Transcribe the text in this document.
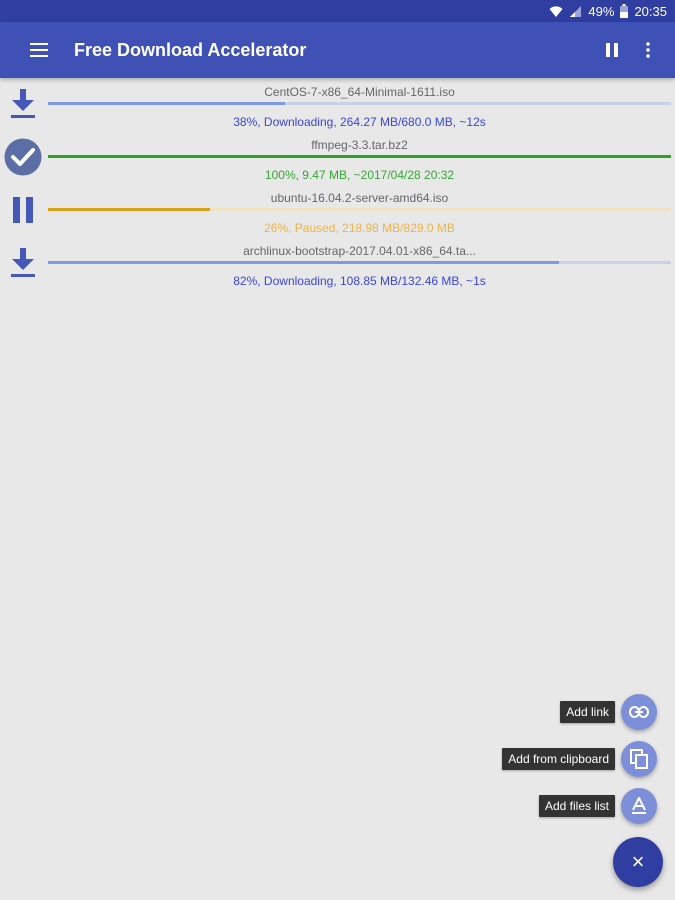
49% 20:35
Free Download Accelerator
CentOS-7-x86_64-Minimal-1611.iso
38%, Downloading, 264.27 MB/680.0 MB, ~12s
ffmpeg-3.3.tar.bz2
100%, 9.47 MB, ~2017/04/28 20:32
ubuntu-16.04.2-server-amd64.iso
26%, Paused, 218.98 MB/829.0 MB
archlinux-bootstrap-2017.04.01-x86_64.ta...
82%, Downloading, 108.85 MB/132.46 MB, ~1s
Add link
Add from clipboard
Add files list
×
